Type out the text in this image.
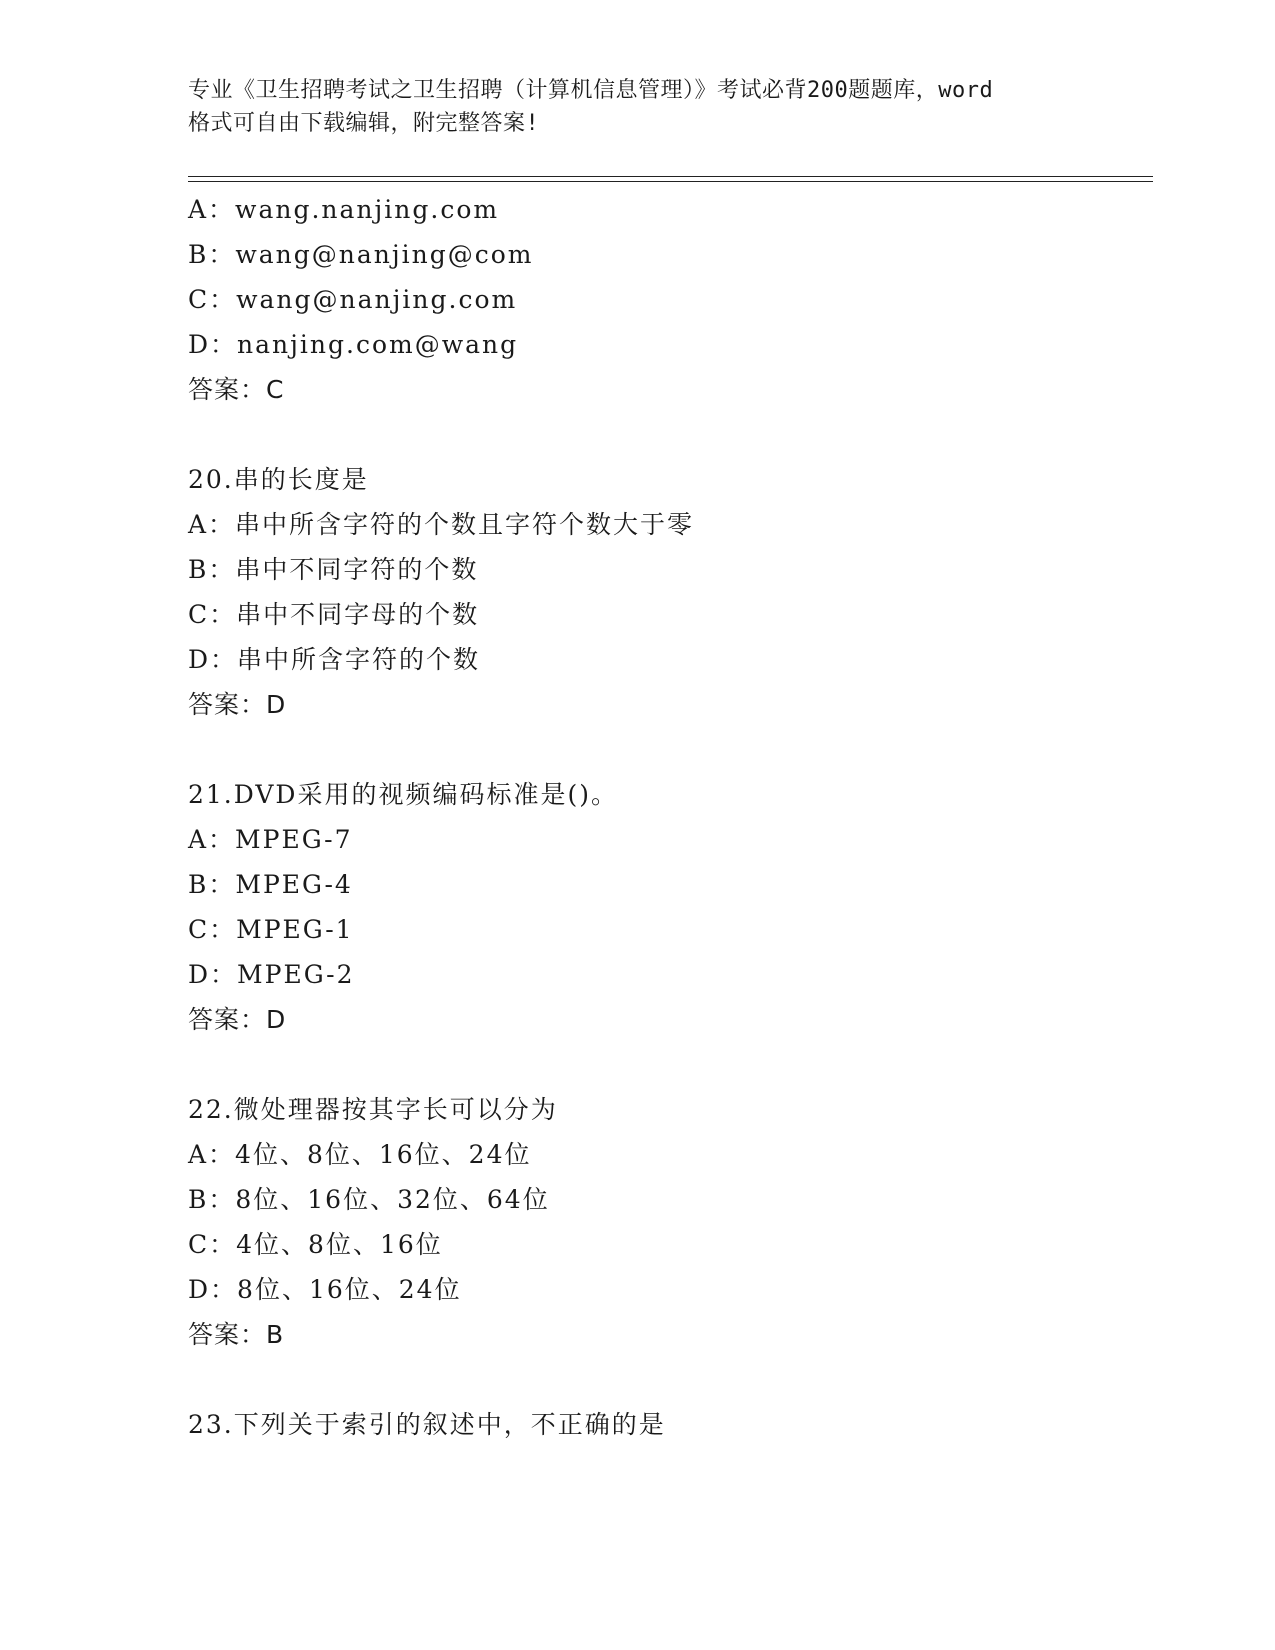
专业《卫生招聘考试之卫生招聘（计算机信息管理）》考试必背200题题库，word
格式可自由下载编辑，附完整答案!
A：wang.nanjing.com
B：wang@nanjing@com
C：wang@nanjing.com
D：nanjing.com@wang
答案：C
20.串的长度是
A：串中所含字符的个数且字符个数大于零
B：串中不同字符的个数
C：串中不同字母的个数
D：串中所含字符的个数
答案：D
21.DVD采用的视频编码标准是()。
A：MPEG-7
B：MPEG-4
C：MPEG-1
D：MPEG-2
答案：D
22.微处理器按其字长可以分为
A：4位、8位、16位、24位
B：8位、16位、32位、64位
C：4位、8位、16位
D：8位、16位、24位
答案：B
23.下列关于索引的叙述中，不正确的是
